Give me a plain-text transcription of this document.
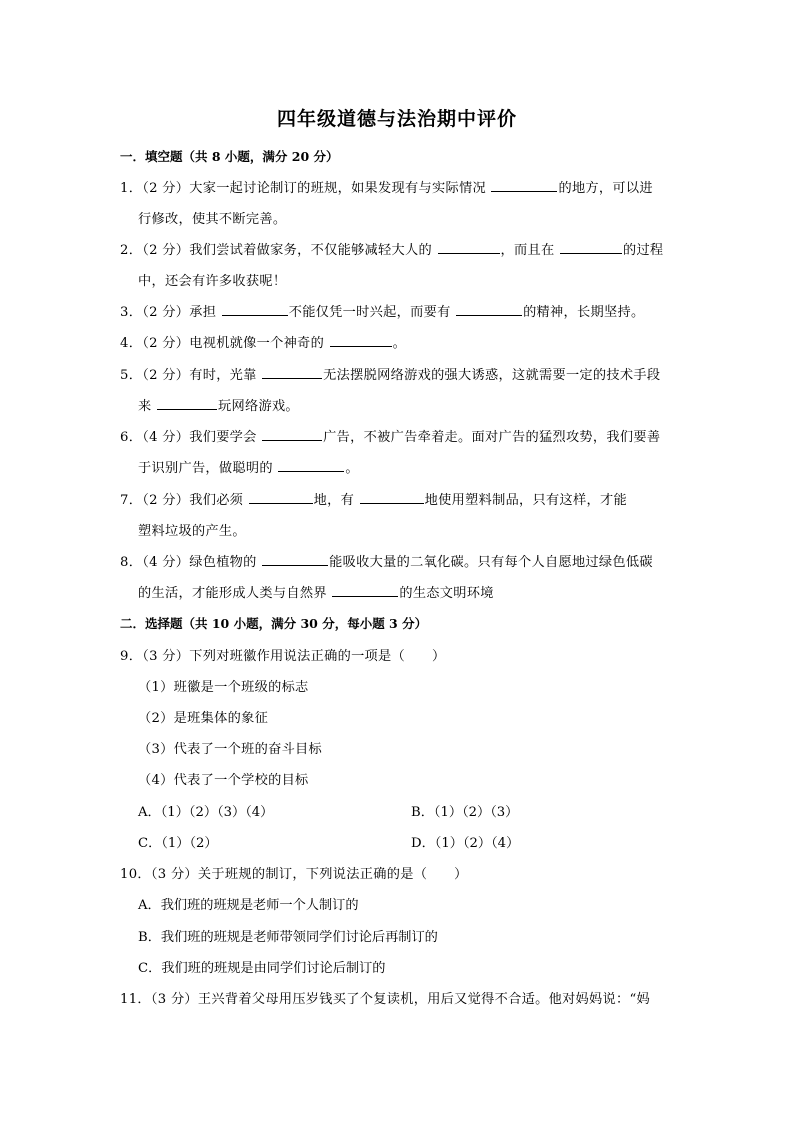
四年级道德与法治期中评价
一．填空题（共 8 小题，满分 20 分）
1．（2 分）大家一起讨论制订的班规，如果发现有与实际情况	的地方，可以进
行修改，使其不断完善。
2．（2 分）我们尝试着做家务，不仅能够减轻大人的	，而且在	的过程
中，还会有许多收获呢！
3．（2 分）承担	不能仅凭一时兴起，而要有	的精神，长期坚持。
4．（2 分）电视机就像一个神奇的	。
5．（2 分）有时，光靠	无法摆脱网络游戏的强大诱惑，这就需要一定的技术手段
来	玩网络游戏。
6．（4 分）我们要学会	广告，不被广告牵着走。面对广告的猛烈攻势，我们要善
于识别广告，做聪明的	。
7．（2 分）我们必须	地，有	地使用塑料制品，只有这样，才能
塑料垃圾的产生。
8．（4 分）绿色植物的	能吸收大量的二氧化碳。只有每个人自愿地过绿色低碳
的生活，才能形成人类与自然界	的生态文明环境
二．选择题（共 10 小题，满分 30 分，每小题 3 分）
9．（3 分）下列对班徽作用说法正确的一项是（　　）
（1）班徽是一个班级的标志
（2）是班集体的象征
（3）代表了一个班的奋斗目标
（4）代表了一个学校的目标
A．（1）（2）（3）（4）	B．（1）（2）（3）
C．（1）（2）	D．（1）（2）（4）
10．（3 分）关于班规的制订，下列说法正确的是（　　）
A．我们班的班规是老师一个人制订的
B．我们班的班规是老师带领同学们讨论后再制订的
C．我们班的班规是由同学们讨论后制订的
11．（3 分）王兴背着父母用压岁钱买了个复读机，用后又觉得不合适。他对妈妈说：“妈
